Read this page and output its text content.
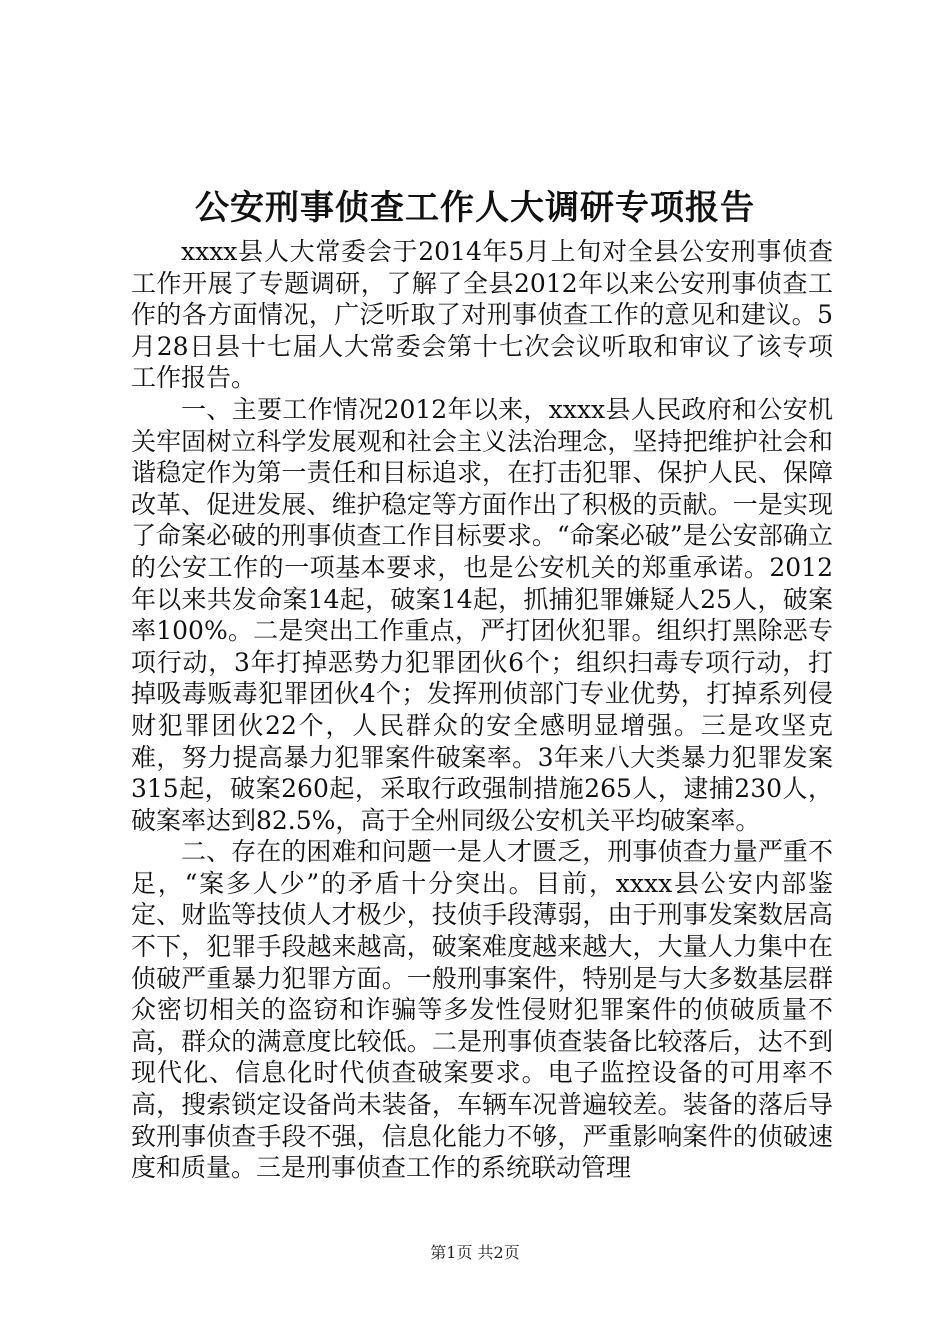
公安刑事侦查工作人大调研专项报告

xxxx县人大常委会于2014年5月上旬对全县公安刑事侦查工作开展了专题调研，了解了全县2012年以来公安刑事侦查工作的各方面情况，广泛听取了对刑事侦查工作的意见和建议。5月28日县十七届人大常委会第十七次会议听取和审议了该专项工作报告。

一、主要工作情况2012年以来，xxxx县人民政府和公安机关牢固树立科学发展观和社会主义法治理念，坚持把维护社会和谐稳定作为第一责任和目标追求，在打击犯罪、保护人民、保障改革、促进发展、维护稳定等方面作出了积极的贡献。一是实现了命案必破的刑事侦查工作目标要求。“命案必破”是公安部确立的公安工作的一项基本要求，也是公安机关的郑重承诺。2012年以来共发命案14起，破案14起，抓捕犯罪嫌疑人25人，破案率100%。二是突出工作重点，严打团伙犯罪。组织打黑除恶专项行动，3年打掉恶势力犯罪团伙6个；组织扫毒专项行动，打掉吸毒贩毒犯罪团伙4个；发挥刑侦部门专业优势，打掉系列侵财犯罪团伙22个，人民群众的安全感明显增强。三是攻坚克难，努力提高暴力犯罪案件破案率。3年来八大类暴力犯罪发案315起，破案260起，采取行政强制措施265人，逮捕230人，破案率达到82.5%，高于全州同级公安机关平均破案率。

二、存在的困难和问题一是人才匮乏，刑事侦查力量严重不足，“案多人少”的矛盾十分突出。目前，xxxx县公安内部鉴定、财监等技侦人才极少，技侦手段薄弱，由于刑事发案数居高不下，犯罪手段越来越高，破案难度越来越大，大量人力集中在侦破严重暴力犯罪方面。一般刑事案件，特别是与大多数基层群众密切相关的盗窃和诈骗等多发性侵财犯罪案件的侦破质量不高，群众的满意度比较低。二是刑事侦查装备比较落后，达不到现代化、信息化时代侦查破案要求。电子监控设备的可用率不高，搜索锁定设备尚未装备，车辆车况普遍较差。装备的落后导致刑事侦查手段不强，信息化能力不够，严重影响案件的侦破速度和质量。三是刑事侦查工作的系统联动管理

第1页 共2页
